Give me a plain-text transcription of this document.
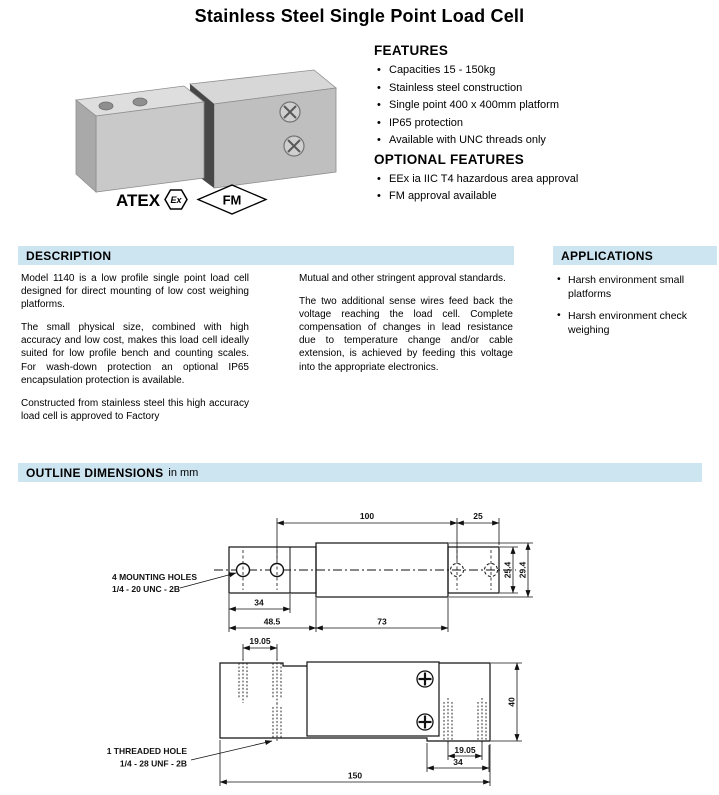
Stainless Steel Single Point Load Cell
ATEX Ex	FM
FEATURES
• Capacities 15 - 150kg
• Stainless steel construction
• Single point 400 x 400mm platform
• IP65 protection
• Available with UNC threads only
OPTIONAL FEATURES
• EEx ia IIC T4 hazardous area approval
• FM approval available
DESCRIPTION

Model 1140 is a low profile single point load cell designed for direct mounting of low cost weighing platforms.

The small physical size, combined with high accuracy and low cost, makes this load cell ideally suited for low profile bench and counting scales. For wash-down protection an optional IP65 encapsulation protection is available.

Constructed from stainless steel this high accuracy load cell is approved to Factory

Mutual and other stringent approval standards.

The two additional sense wires feed back the voltage reaching the load cell. Complete compensation of changes in lead resistance due to temperature change and/or cable extension, is achieved by feeding this voltage into the appropriate electronics.

APPLICATIONS
• Harsh environment small platforms
• Harsh environment check weighing
OUTLINE DIMENSIONS in mm
100	25
25.4 29.4
34
48.5	73
4 MOUNTING HOLES
1/4 - 20 UNC - 2B
19.05
40
19.05
34
150
1 THREADED HOLE
1/4 - 28 UNF - 2B
